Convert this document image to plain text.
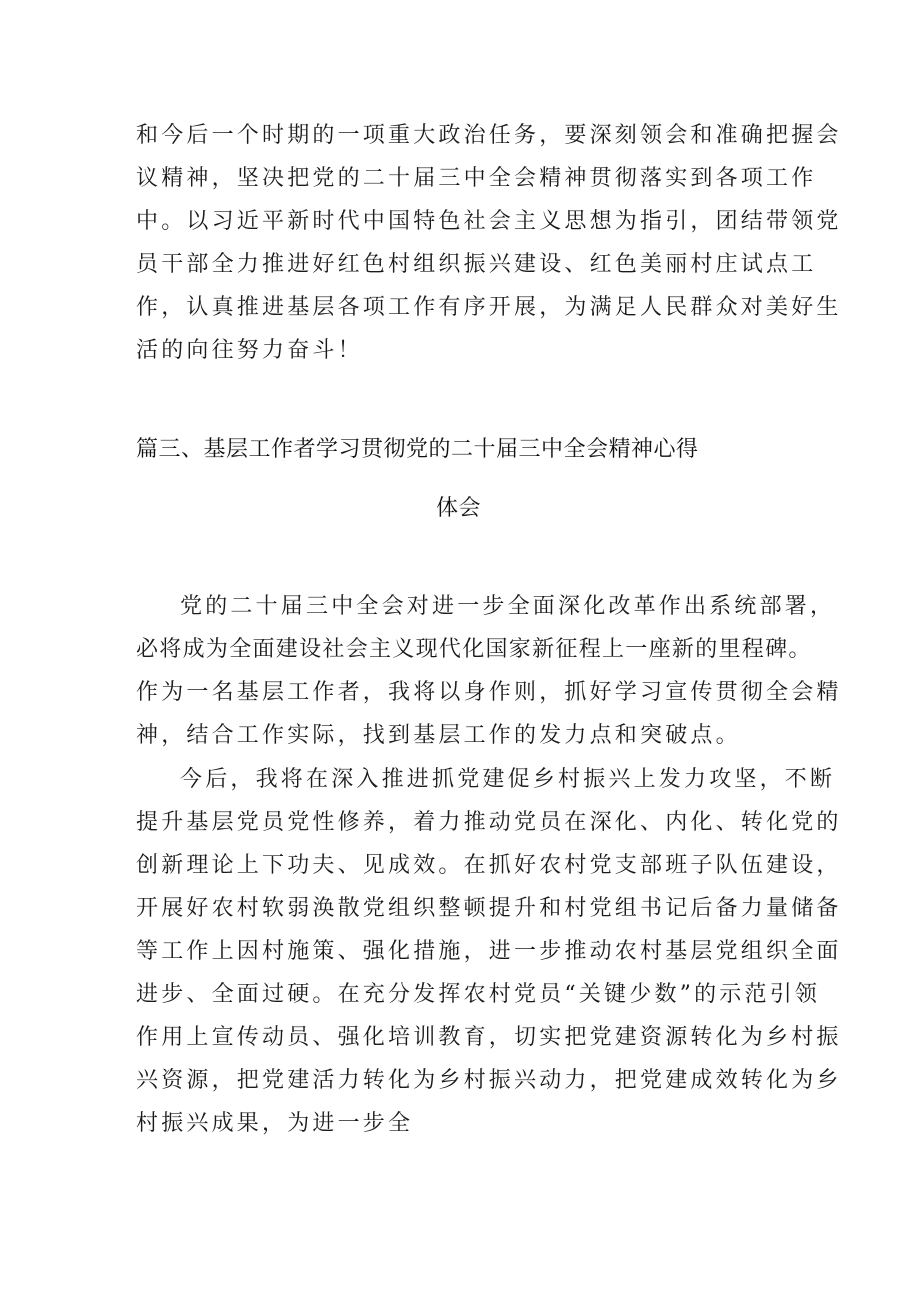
和今后一个时期的一项重大政治任务，要深刻领会和准确把握会
议精神，坚决把党的二十届三中全会精神贯彻落实到各项工作
中。以习近平新时代中国特色社会主义思想为指引，团结带领党
员干部全力推进好红色村组织振兴建设、红色美丽村庄试点工
作，认真推进基层各项工作有序开展，为满足人民群众对美好生
活的向往努力奋斗！
篇三、基层工作者学习贯彻党的二十届三中全会精神心得
体会
党的二十届三中全会对进一步全面深化改革作出系统部署，
必将成为全面建设社会主义现代化国家新征程上一座新的里程碑。
作为一名基层工作者，我将以身作则，抓好学习宣传贯彻全会精
神，结合工作实际，找到基层工作的发力点和突破点。
今后，我将在深入推进抓党建促乡村振兴上发力攻坚，不断
提升基层党员党性修养，着力推动党员在深化、内化、转化党的
创新理论上下功夫、见成效。在抓好农村党支部班子队伍建设，
开展好农村软弱涣散党组织整顿提升和村党组书记后备力量储备
等工作上因村施策、强化措施，进一步推动农村基层党组织全面
进步、全面过硬。在充分发挥农村党员“关键少数”的示范引领
作用上宣传动员、强化培训教育，切实把党建资源转化为乡村振
兴资源，把党建活力转化为乡村振兴动力，把党建成效转化为乡
村振兴成果，为进一步全
